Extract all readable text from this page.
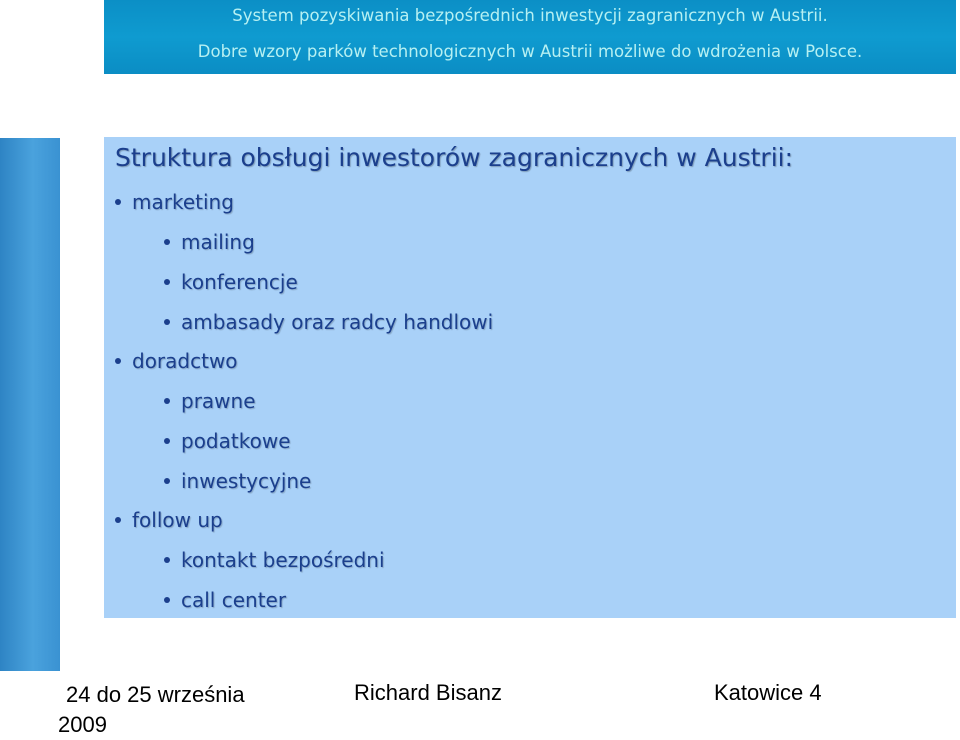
System pozyskiwania bezpośrednich inwestycji zagranicznych w Austrii.
Dobre wzory parków technologicznych w Austrii możliwe do wdrożenia w Polsce.
Struktura obsługi inwestorów zagranicznych w Austrii:
marketing
mailing
konferencje
ambasady oraz radcy handlowi
doradctwo
prawne
podatkowe
inwestycyjne
follow up
kontakt bezpośredni
call center
24 do 25 września 2009
Richard Bisanz	Katowice 4
